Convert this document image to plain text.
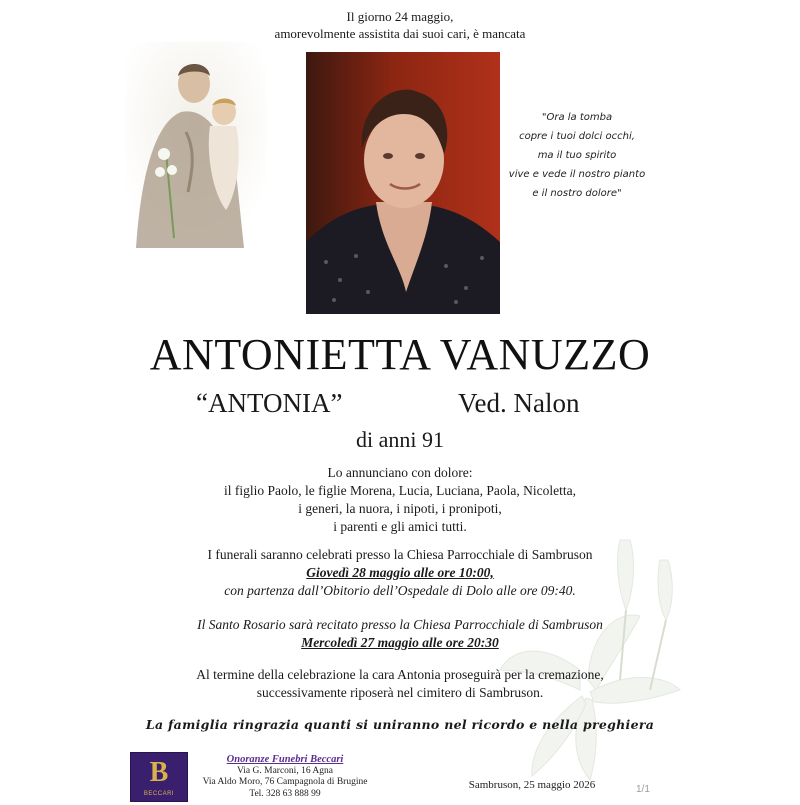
Il giorno 24 maggio,
amorevolmente assistita dai suoi cari, è mancata
"Ora la tomba
copre i tuoi dolci occhi,
ma il tuo spirito
vive e vede il nostro pianto
e il nostro dolore"
ANTONIETTA VANUZZO
“ANTONIA”	Ved. Nalon
di anni 91
Lo annunciano con dolore:
il figlio Paolo, le figlie Morena, Lucia, Luciana, Paola, Nicoletta,
i generi, la nuora, i nipoti, i pronipoti,
i parenti e gli amici tutti.
I funerali saranno celebrati presso la Chiesa Parrocchiale di Sambruson
Giovedì 28 maggio alle ore 10:00,
con partenza dall’Obitorio dell’Ospedale di Dolo alle ore 09:40.
Il Santo Rosario sarà recitato presso la Chiesa Parrocchiale di Sambruson
Mercoledì 27 maggio alle ore 20:30
Al termine della celebrazione la cara Antonia proseguirà per la cremazione,
successivamente riposerà nel cimitero di Sambruson.
La famiglia ringrazia quanti si uniranno nel ricordo e nella preghiera
B
BECCARI
Onoranze Funebri Beccari
Via G. Marconi, 16 Agna
Via Aldo Moro, 76 Campagnola di Brugine
Tel. 328 63 888 99
Sambruson, 25 maggio 2026	1/1
